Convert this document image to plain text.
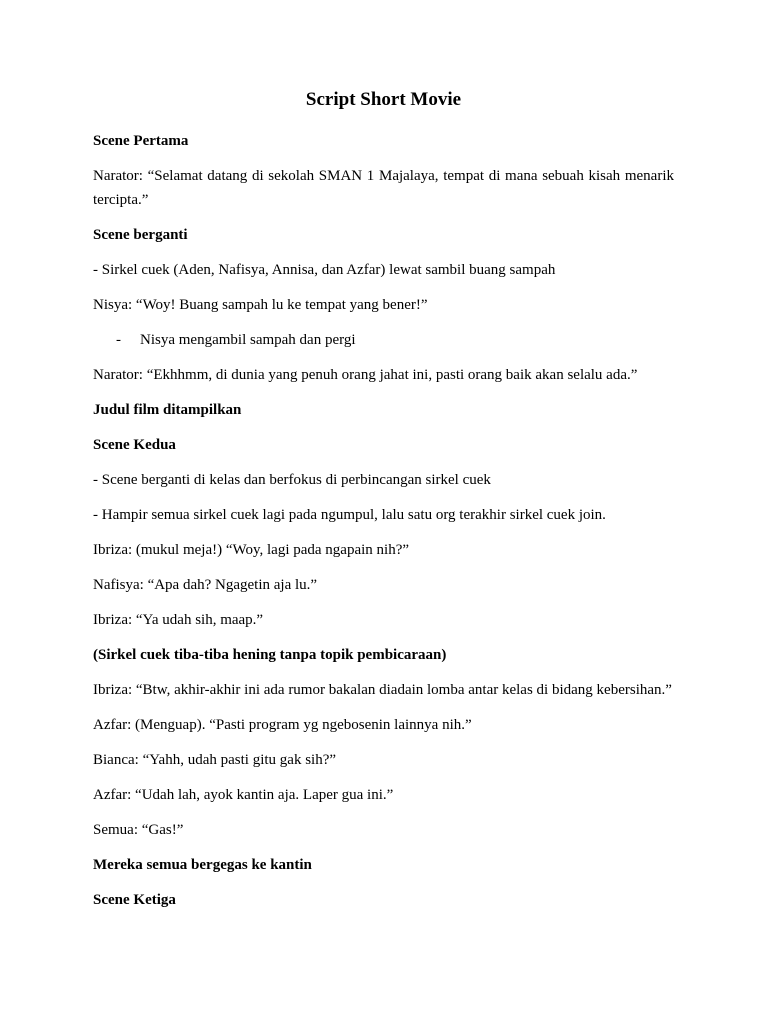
Script Short Movie
Scene Pertama
Narator: “Selamat datang di sekolah SMAN 1 Majalaya, tempat di mana sebuah kisah menarik tercipta.”
Scene berganti
- Sirkel cuek (Aden, Nafisya, Annisa, dan Azfar) lewat sambil buang sampah
Nisya: “Woy! Buang sampah lu ke tempat yang bener!”
-	Nisya mengambil sampah dan pergi
Narator: “Ekhhmm, di dunia yang penuh orang jahat ini, pasti orang baik akan selalu ada.”
Judul film ditampilkan
Scene Kedua
- Scene berganti di kelas dan berfokus di perbincangan sirkel cuek
- Hampir semua sirkel cuek lagi pada ngumpul, lalu satu org terakhir sirkel cuek join.
Ibriza: (mukul meja!) “Woy, lagi pada ngapain nih?”
Nafisya: “Apa dah? Ngagetin aja lu.”
Ibriza: “Ya udah sih, maap.”
(Sirkel cuek tiba-tiba hening tanpa topik pembicaraan)
Ibriza: “Btw, akhir-akhir ini ada rumor bakalan diadain lomba antar kelas di bidang kebersihan.”
Azfar: (Menguap). “Pasti program yg ngebosenin lainnya nih.”
Bianca: “Yahh, udah pasti gitu gak sih?”
Azfar: “Udah lah, ayok kantin aja. Laper gua ini.”
Semua: “Gas!”
Mereka semua bergegas ke kantin
Scene Ketiga
